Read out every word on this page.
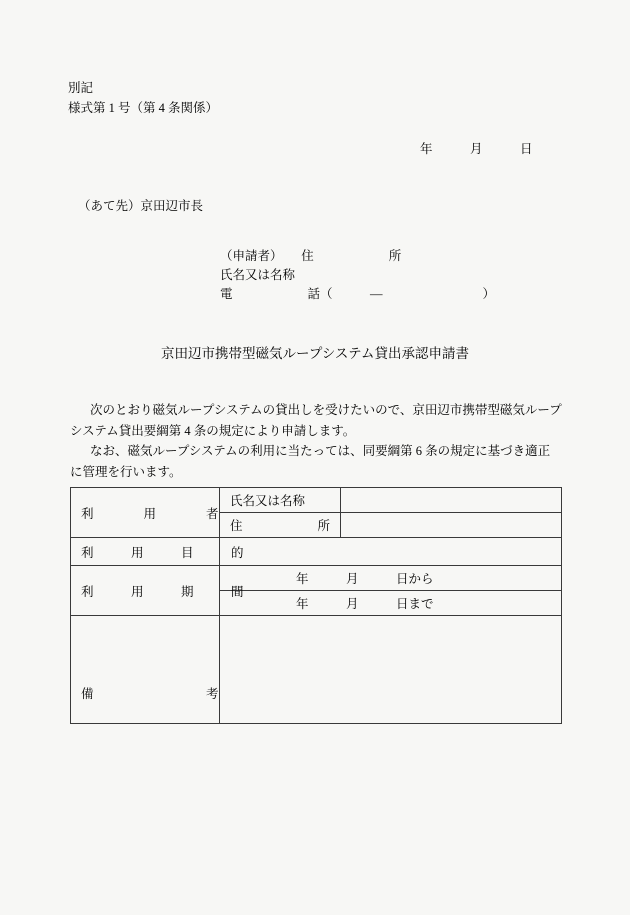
別記
様式第 1 号（第 4 条関係）
年　　　月　　　日
（あて先）京田辺市長
（申請者）　　住　　　　　　所
氏名又は名称
電　　　　　　話（　　　―　　　　　　　　）
京田辺市携帯型磁気ループシステム貸出承認申請書

次のとおり磁気ループシステムの貸出しを受けたいので、京田辺市携帯型磁気ループシステム貸出要綱第 4 条の規定により申請します。

なお、磁気ループシステムの利用に当たっては、同要綱第 6 条の規定に基づき適正に管理を行います。

利　　　　用　　　　者	氏名又は名称	

	住　　　　　　所	

利　　　用　　　目　　　的		

利　　　用　　　期　　　間	年　　　月　　　日から	

	年　　　月　　　日まで	

備　　　　　　　　　考		
